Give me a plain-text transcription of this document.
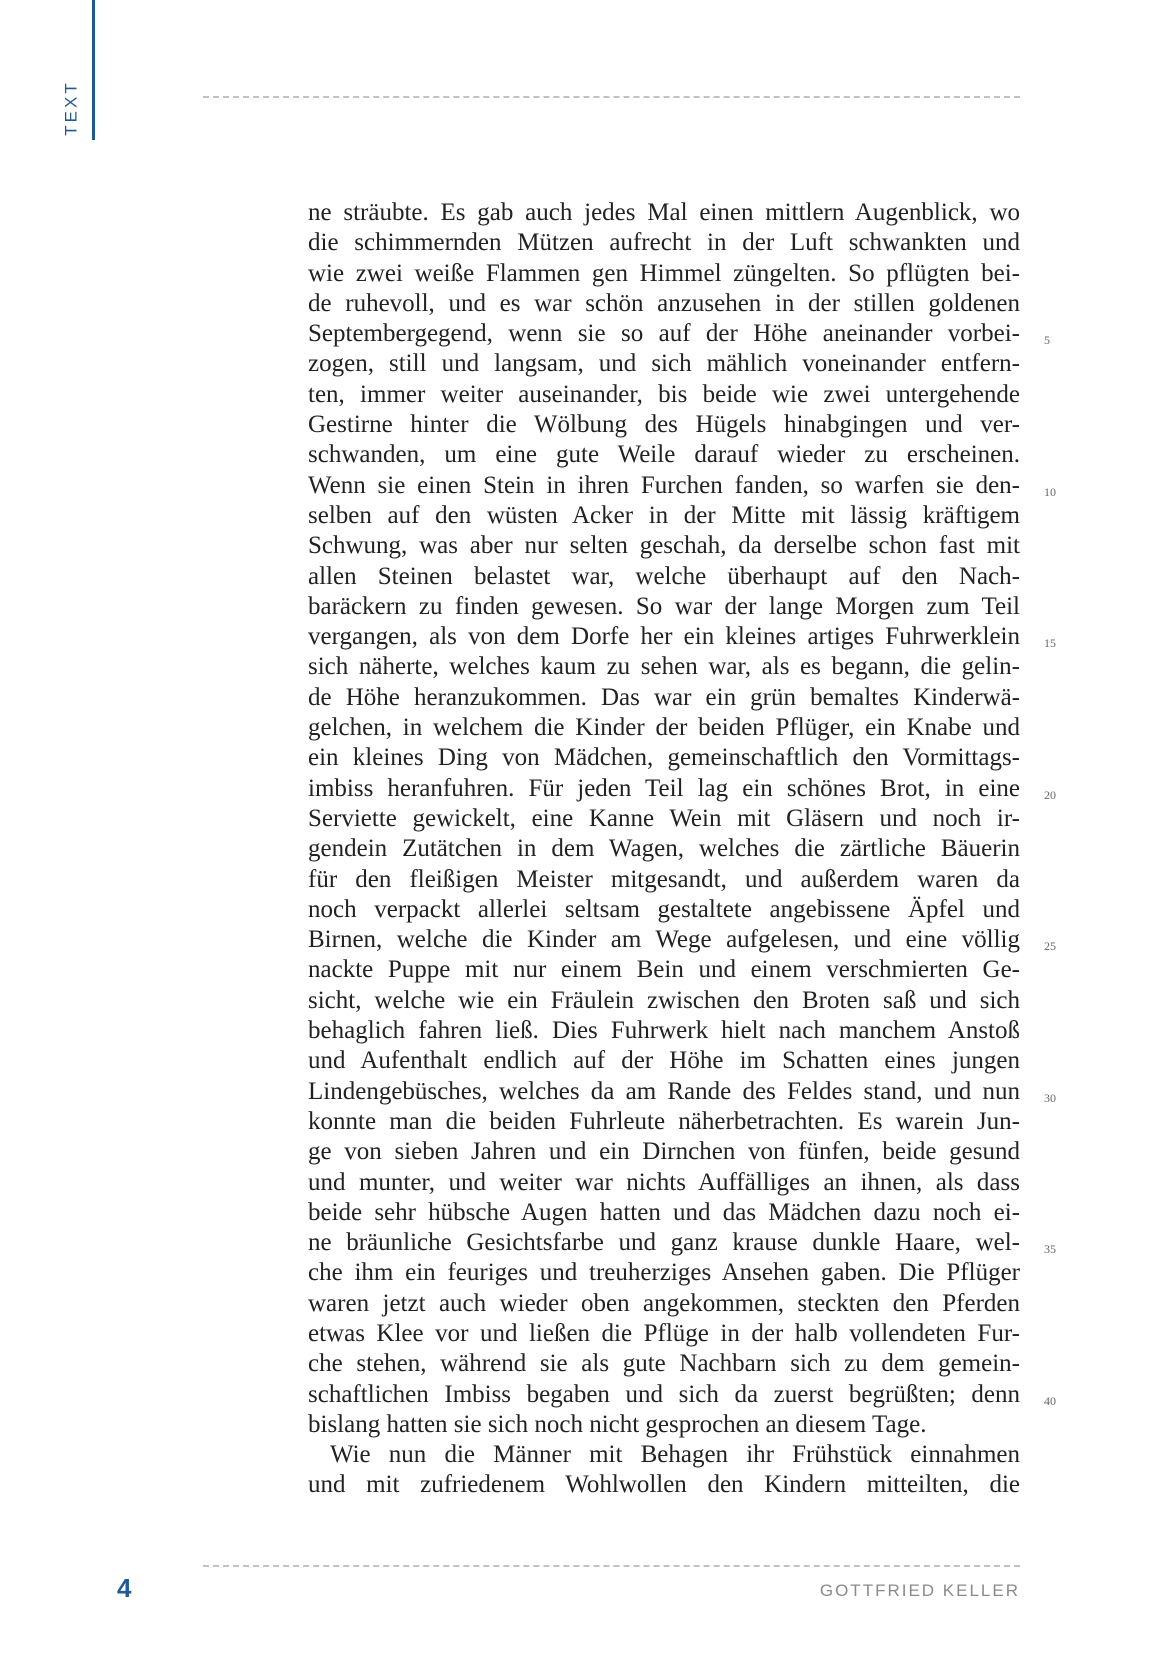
TEXT
ne sträubte. Es gab auch jedes Mal einen mittlern Augenblick, wo
die schimmernden Mützen aufrecht in der Luft schwankten und
wie zwei weiße Flammen gen Himmel züngelten. So pflügten bei-
de ruhevoll, und es war schön anzusehen in der stillen goldenen
Septembergegend, wenn sie so auf der Höhe aneinander vorbei-
zogen, still und langsam, und sich mählich voneinander entfern-
ten, immer weiter auseinander, bis beide wie zwei untergehende
Gestirne hinter die Wölbung des Hügels hinabgingen und ver-
schwanden, um eine gute Weile darauf wieder zu erscheinen.
Wenn sie einen Stein in ihren Furchen fanden, so warfen sie den-
selben auf den wüsten Acker in der Mitte mit lässig kräftigem
Schwung, was aber nur selten geschah, da derselbe schon fast mit
allen Steinen belastet war, welche überhaupt auf den Nach-
baräckern zu finden gewesen. So war der lange Morgen zum Teil
vergangen, als von dem Dorfe her ein kleines artiges Fuhrwerklein
sich näherte, welches kaum zu sehen war, als es begann, die gelin-
de Höhe heranzukommen. Das war ein grün bemaltes Kinderwä-
gelchen, in welchem die Kinder der beiden Pflüger, ein Knabe und
ein kleines Ding von Mädchen, gemeinschaftlich den Vormittags-
imbiss heranfuhren. Für jeden Teil lag ein schönes Brot, in eine
Serviette gewickelt, eine Kanne Wein mit Gläsern und noch ir-
gendein Zutätchen in dem Wagen, welches die zärtliche Bäuerin
für den fleißigen Meister mitgesandt, und außerdem waren da
noch verpackt allerlei seltsam gestaltete angebissene Äpfel und
Birnen, welche die Kinder am Wege aufgelesen, und eine völlig
nackte Puppe mit nur einem Bein und einem verschmierten Ge-
sicht, welche wie ein Fräulein zwischen den Broten saß und sich
behaglich fahren ließ. Dies Fuhrwerk hielt nach manchem Anstoß
und Aufenthalt endlich auf der Höhe im Schatten eines jungen
Lindengebüsches, welches da am Rande des Feldes stand, und nun
konnte man die beiden Fuhrleute näherbetrachten. Es warein Jun-
ge von sieben Jahren und ein Dirnchen von fünfen, beide gesund
und munter, und weiter war nichts Auffälliges an ihnen, als dass
beide sehr hübsche Augen hatten und das Mädchen dazu noch ei-
ne bräunliche Gesichtsfarbe und ganz krause dunkle Haare, wel-
che ihm ein feuriges und treuherziges Ansehen gaben. Die Pflüger
waren jetzt auch wieder oben angekommen, steckten den Pferden
etwas Klee vor und ließen die Pflüge in der halb vollendeten Fur-
che stehen, während sie als gute Nachbarn sich zu dem gemein-
schaftlichen Imbiss begaben und sich da zuerst begrüßten; denn
bislang hatten sie sich noch nicht gesprochen an diesem Tage.
Wie nun die Männer mit Behagen ihr Frühstück einnahmen
und mit zufriedenem Wohlwollen den Kindern mitteilten, die
5
10
15
20
25
30
35
40
4	GOTTFRIED KELLER
